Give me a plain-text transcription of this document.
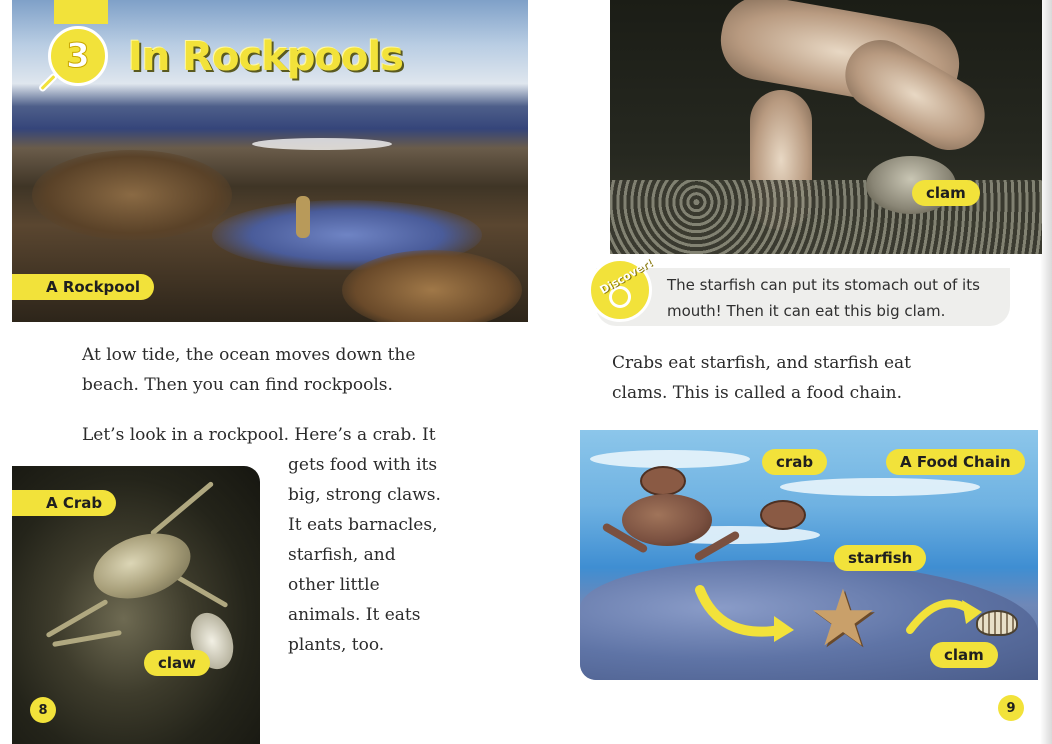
3 In Rockpools
A Rockpool
At low tide, the ocean moves down the
beach. Then you can find rockpools.
Let’s look in a rockpool. Here’s a crab. It
gets food with its
big, strong claws.
It eats barnacles,
starfish, and
other little
animals. It eats
plants, too.
A Crab
claw
8
clam
Discover! The starfish can put its stomach out of its
mouth! Then it can eat this big clam.
Crabs eat starfish, and starfish eat
clams. This is called a food chain.
★
crab	A Food Chain
starfish
clam
9
